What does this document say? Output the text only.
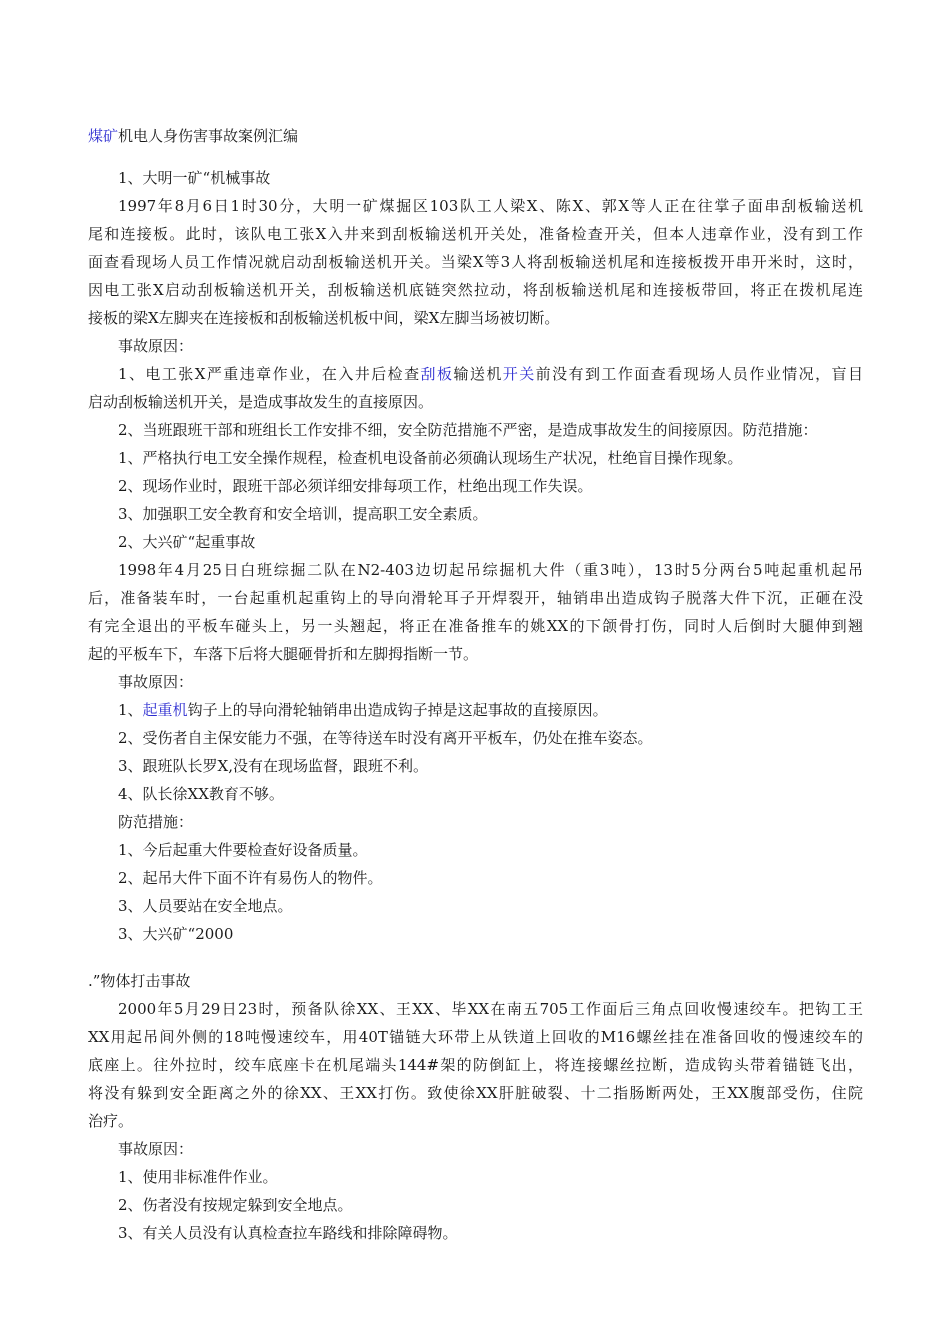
煤矿机电人身伤害事故案例汇编
1、大明一矿“机械事故
1997年8月6日1时30分，大明一矿煤掘区103队工人梁X、陈X、郭X等人正在往掌子面串刮板输送机
尾和连接板。此时，该队电工张X入井来到刮板输送机开关处，准备检查开关，但本人违章作业，没有到工作
面查看现场人员工作情况就启动刮板输送机开关。当梁X等3人将刮板输送机尾和连接板拨开串开米时，这时，
因电工张X启动刮板输送机开关，刮板输送机底链突然拉动，将刮板输送机尾和连接板带回，将正在拨机尾连
接板的梁X左脚夹在连接板和刮板输送机板中间，梁X左脚当场被切断。
事故原因：
1、电工张X严重违章作业，在入井后检查刮板输送机开关前没有到工作面查看现场人员作业情况，盲目
启动刮板输送机开关，是造成事故发生的直接原因。
2、当班跟班干部和班组长工作安排不细，安全防范措施不严密，是造成事故发生的间接原因。防范措施：
1、严格执行电工安全操作规程，检查机电设备前必须确认现场生产状况，杜绝盲目操作现象。
2、现场作业时，跟班干部必须详细安排每项工作，杜绝出现工作失误。
3、加强职工安全教育和安全培训，提高职工安全素质。
2、大兴矿“起重事故
1998年4月25日白班综掘二队在N2-403边切起吊综掘机大件（重3吨），13时5分两台5吨起重机起吊
后，准备装车时，一台起重机起重钩上的导向滑轮耳子开焊裂开，轴销串出造成钩子脱落大件下沉，正砸在没
有完全退出的平板车碰头上，另一头翘起，将正在准备推车的姚XX的下颌骨打伤，同时人后倒时大腿伸到翘
起的平板车下，车落下后将大腿砸骨折和左脚拇指断一节。
事故原因：
1、起重机钩子上的导向滑轮轴销串出造成钩子掉是这起事故的直接原因。
2、受伤者自主保安能力不强，在等待送车时没有离开平板车，仍处在推车姿态。
3、跟班队长罗X,没有在现场监督，跟班不利。
4、队长徐XX教育不够。
防范措施：
1、今后起重大件要检查好设备质量。
2、起吊大件下面不许有易伤人的物件。
3、人员要站在安全地点。
3、大兴矿“2000
.”物体打击事故
2000年5月29日23时，预备队徐XX、王XX、毕XX在南五705工作面后三角点回收慢速绞车。把钩工王
XX用起吊间外侧的18吨慢速绞车，用40T锚链大环带上从铁道上回收的M16螺丝挂在准备回收的慢速绞车的
底座上。往外拉时，绞车底座卡在机尾端头144#架的防倒缸上，将连接螺丝拉断，造成钩头带着锚链飞出，
将没有躲到安全距离之外的徐XX、王XX打伤。致使徐XX肝脏破裂、十二指肠断两处，王XX腹部受伤，住院
治疗。
事故原因：
1、使用非标准件作业。
2、伤者没有按规定躲到安全地点。
3、有关人员没有认真检查拉车路线和排除障碍物。
